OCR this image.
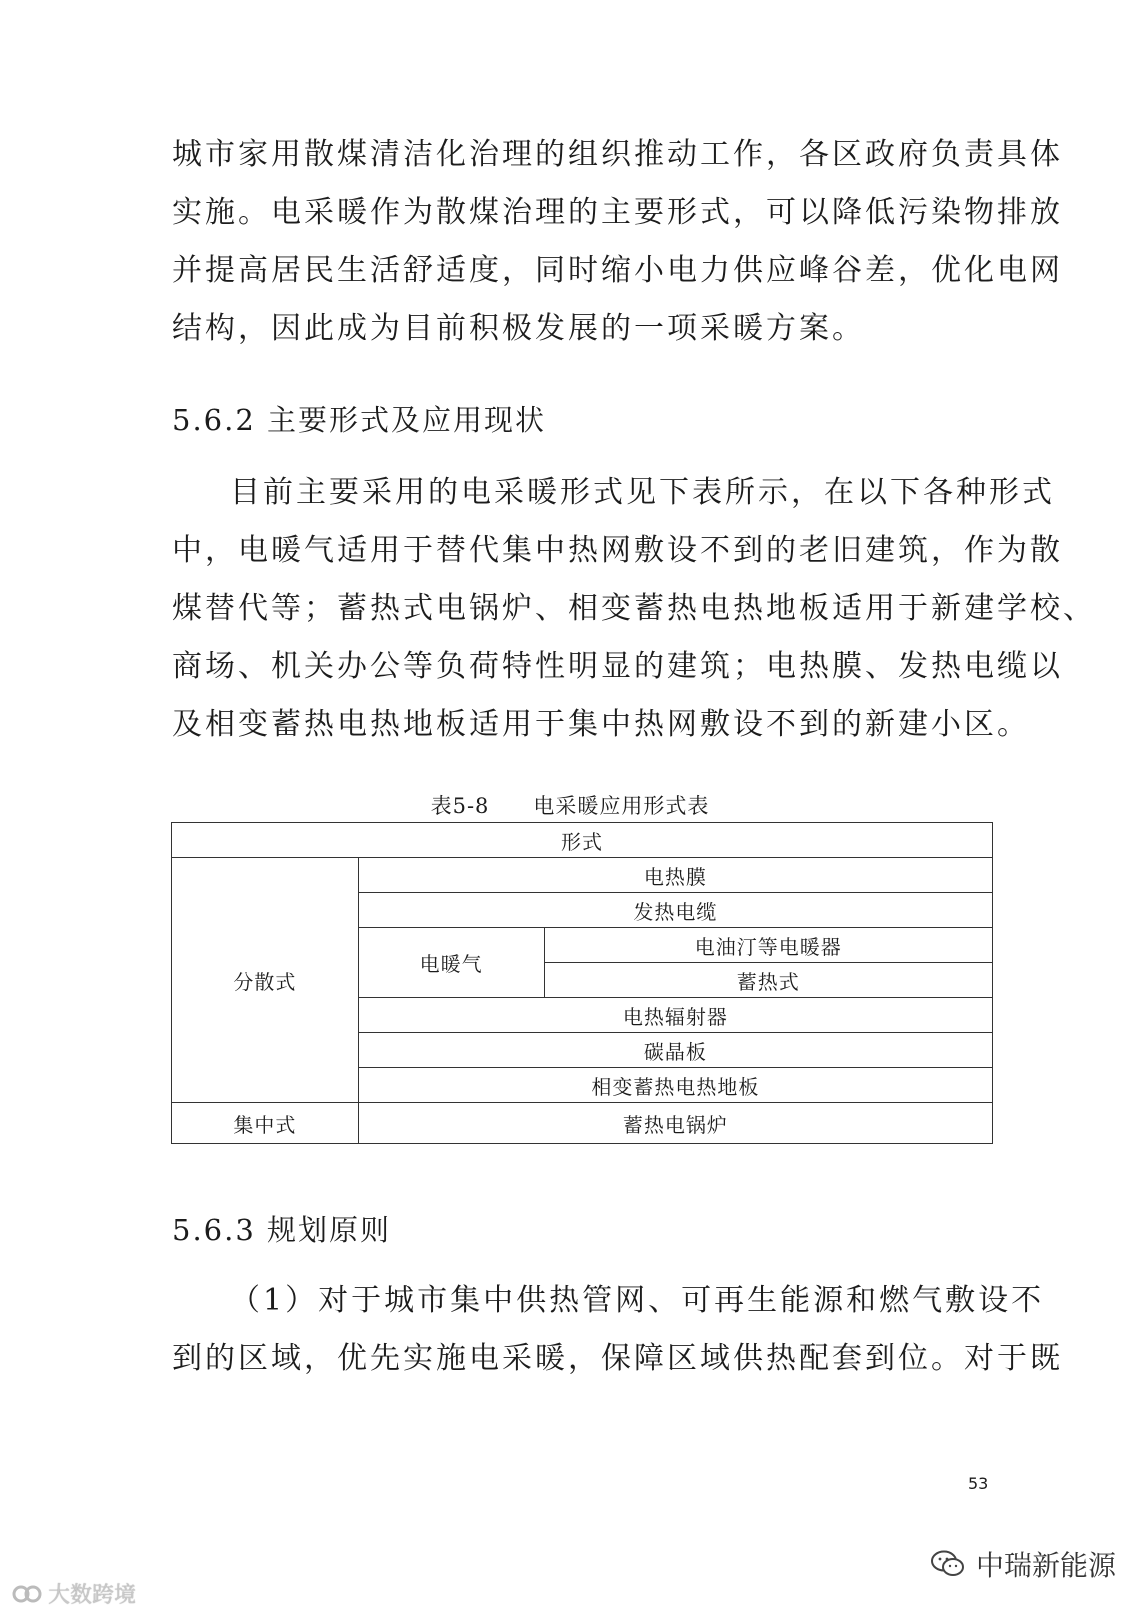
城市家用散煤清洁化治理的组织推动工作，各区政府负责具体
实施。电采暖作为散煤治理的主要形式，可以降低污染物排放
并提高居民生活舒适度，同时缩小电力供应峰谷差，优化电网
结构，因此成为目前积极发展的一项采暖方案。
5.6.2 主要形式及应用现状
目前主要采用的电采暖形式见下表所示，在以下各种形式
中，电暖气适用于替代集中热网敷设不到的老旧建筑，作为散
煤替代等；蓄热式电锅炉、相变蓄热电热地板适用于新建学校、
商场、机关办公等负荷特性明显的建筑；电热膜、发热电缆以
及相变蓄热电热地板适用于集中热网敷设不到的新建小区。
表5-8 电采暖应用形式表
形式		
分散式	电热膜	
	发热电缆	
	电暖气	电油汀等电暖器
		蓄热式
	电热辐射器	
	碳晶板	
	相变蓄热电热地板	
集中式	蓄热电锅炉	
5.6.3 规划原则
（1）对于城市集中供热管网、可再生能源和燃气敷设不
到的区域，优先实施电采暖，保障区域供热配套到位。对于既
53
大数跨境
中瑞新能源
